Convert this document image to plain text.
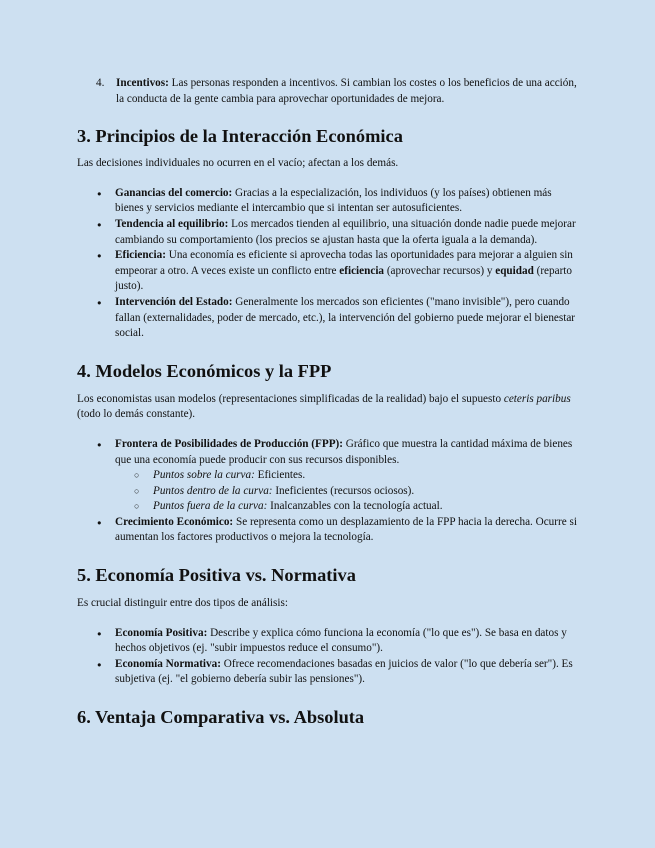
4.	Incentivos: Las personas responden a incentivos. Si cambian los costes o los beneficios de una acción, la conducta de la gente cambia para aprovechar oportunidades de mejora.
3. Principios de la Interacción Económica

Las decisiones individuales no ocurren en el vacío; afectan a los demás.

● Ganancias del comercio: Gracias a la especialización, los individuos (y los países) obtienen más bienes y servicios mediante el intercambio que si intentan ser autosuficientes.
● Tendencia al equilibrio: Los mercados tienden al equilibrio, una situación donde nadie puede mejorar cambiando su comportamiento (los precios se ajustan hasta que la oferta iguala a la demanda).
● Eficiencia: Una economía es eficiente si aprovecha todas las oportunidades para mejorar a alguien sin empeorar a otro. A veces existe un conflicto entre eficiencia (aprovechar recursos) y equidad (reparto justo).
● Intervención del Estado: Generalmente los mercados son eficientes ("mano invisible"), pero cuando fallan (externalidades, poder de mercado, etc.), la intervención del gobierno puede mejorar el bienestar social.
4. Modelos Económicos y la FPP

Los economistas usan modelos (representaciones simplificadas de la realidad) bajo el supuesto ceteris paribus (todo lo demás constante).

● Frontera de Posibilidades de Producción (FPP): Gráfico que muestra la cantidad máxima de bienes que una economía puede producir con sus recursos disponibles.
○ Puntos sobre la curva: Eficientes.
○ Puntos dentro de la curva: Ineficientes (recursos ociosos).
○ Puntos fuera de la curva: Inalcanzables con la tecnología actual.
● Crecimiento Económico: Se representa como un desplazamiento de la FPP hacia la derecha. Ocurre si aumentan los factores productivos o mejora la tecnología.
5. Economía Positiva vs. Normativa

Es crucial distinguir entre dos tipos de análisis:

● Economía Positiva: Describe y explica cómo funciona la economía ("lo que es"). Se basa en datos y hechos objetivos (ej. "subir impuestos reduce el consumo").
● Economía Normativa: Ofrece recomendaciones basadas en juicios de valor ("lo que debería ser"). Es subjetiva (ej. "el gobierno debería subir las pensiones").
6. Ventaja Comparativa vs. Absoluta
